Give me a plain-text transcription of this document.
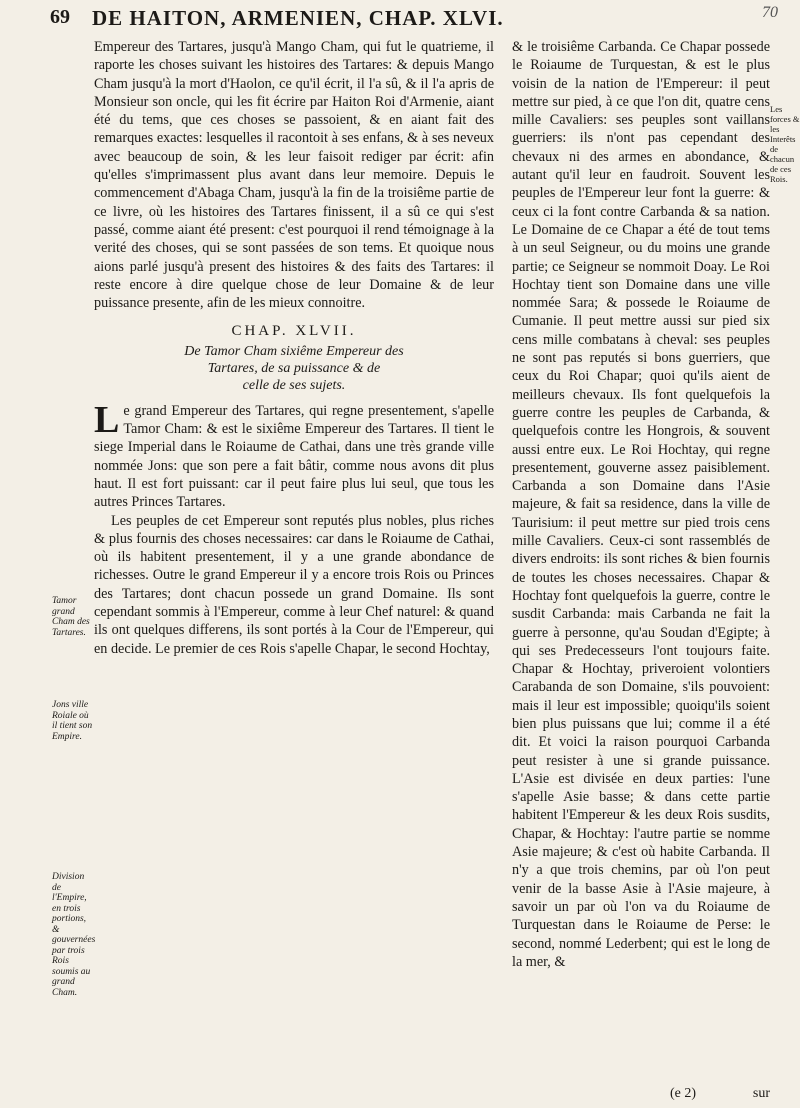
69 DE HAITON, ARMENIEN, CHAP. XLVI.	70
Tamor grand Cham des Tartares.
Jons ville Roiale où il tient son Empire.
Division de l'Empire, en trois portions, & gouvernées par trois Rois soumis au grand Cham.
Les forces & les Interêts de chacun de ces Rois.

Empereur des Tartares, jusqu'à Mango Cham, qui fut le quatrieme, il raporte les choses suivant les histoires des Tartares: & depuis Mango Cham jusqu'à la mort d'Haolon, ce qu'il écrit, il l'a sû, & il l'a apris de Monsieur son oncle, qui les fit écrire par Haiton Roi d'Armenie, aiant été du tems, que ces choses se passoient, & en aiant fait des remarques exactes: lesquelles il racontoit à ses enfans, & à ses neveux avec beaucoup de soin, & les leur faisoit rediger par écrit: afin qu'elles s'imprimassent plus avant dans leur memoire. Depuis le commencement d'Abaga Cham, jusqu'à la fin de la troisiême partie de ce livre, où les histoires des Tartares finissent, il a sû ce qui s'est passé, comme aiant été present: c'est pourquoi il rend témoignage à la verité des choses, qui se sont passées de son tems. Et quoique nous aions parlé jusqu'à present des histoires & des faits des Tartares: il reste encore à dire quelque chose de leur Domaine & de leur puissance presente, afin de les mieux connoitre.

CHAP. XLVII.
De Tamor Cham sixiême Empereur des
Tartares, de sa puissance & de
celle de ses sujets.

Le grand Empereur des Tartares, qui regne presentement, s'apelle Tamor Cham: & est le sixiême Empereur des Tartares. Il tient le siege Imperial dans le Roiaume de Cathai, dans une très grande ville nommée Jons: que son pere a fait bâtir, comme nous avons dit plus haut. Il est fort puissant: car il peut faire plus lui seul, que tous les autres Princes Tartares.

Les peuples de cet Empereur sont reputés plus nobles, plus riches & plus fournis des choses necessaires: car dans le Roiaume de Cathai, où ils habitent presentement, il y a une grande abondance de richesses. Outre le grand Empereur il y a encore trois Rois ou Princes des Tartares; dont chacun possede un grand Domaine. Ils sont cependant sommis à l'Empereur, comme à leur Chef naturel: & quand ils ont quelques differens, ils sont portés à la Cour de l'Empereur, qui en decide. Le premier de ces Rois s'apelle Chapar, le second Hochtay,

& le troisiême Carbanda. Ce Chapar possede le Roiaume de Turquestan, & est le plus voisin de la nation de l'Empereur: il peut mettre sur pied, à ce que l'on dit, quatre cens mille Cavaliers: ses peuples sont vaillans guerriers: ils n'ont pas cependant des chevaux ni des armes en abondance, & autant qu'il leur en faudroit. Souvent les peuples de l'Empereur leur font la guerre: & ceux ci la font contre Carbanda & sa nation. Le Domaine de ce Chapar a été de tout tems à un seul Seigneur, ou du moins une grande partie; ce Seigneur se nommoit Doay. Le Roi Hochtay tient son Domaine dans une ville nommée Sara; & possede le Roiaume de Cumanie. Il peut mettre aussi sur pied six cens mille combatans à cheval: ses peuples ne sont pas reputés si bons guerriers, que ceux du Roi Chapar; quoi qu'ils aient de meilleurs chevaux. Ils font quelquefois la guerre contre les peuples de Carbanda, & quelquefois contre les Hongrois, & souvent aussi entre eux. Le Roi Hochtay, qui regne presentement, gouverne assez paisiblement. Carbanda a son Domaine dans l'Asie majeure, & fait sa residence, dans la ville de Taurisium: il peut mettre sur pied trois cens mille Cavaliers. Ceux-ci sont rassemblés de divers endroits: ils sont riches & bien fournis de toutes les choses necessaires. Chapar & Hochtay font quelquefois la guerre, contre le susdit Carbanda: mais Carbanda ne fait la guerre à personne, qu'au Soudan d'Egipte; à qui ses Predecesseurs l'ont toujours faite. Chapar & Hochtay, priveroient volontiers Carabanda de son Domaine, s'ils pouvoient: mais il leur est impossible; quoiqu'ils soient bien plus puissans que lui; comme il a été dit. Et voici la raison pourquoi Carbanda peut resister à une si grande puissance. L'Asie est divisée en deux parties: l'une s'apelle Asie basse; & dans cette partie habitent l'Empereur & les deux Rois susdits, Chapar, & Hochtay: l'autre partie se nomme Asie majeure; & c'est où habite Carbanda. Il n'y a que trois chemins, par où l'on peut venir de la basse Asie à l'Asie majeure, à savoir un par où l'on va du Roiaume de Turquestan dans le Roiaume de Perse: le second, nommé Lederbent; qui est le long de la mer, &

(e 2)	sur
